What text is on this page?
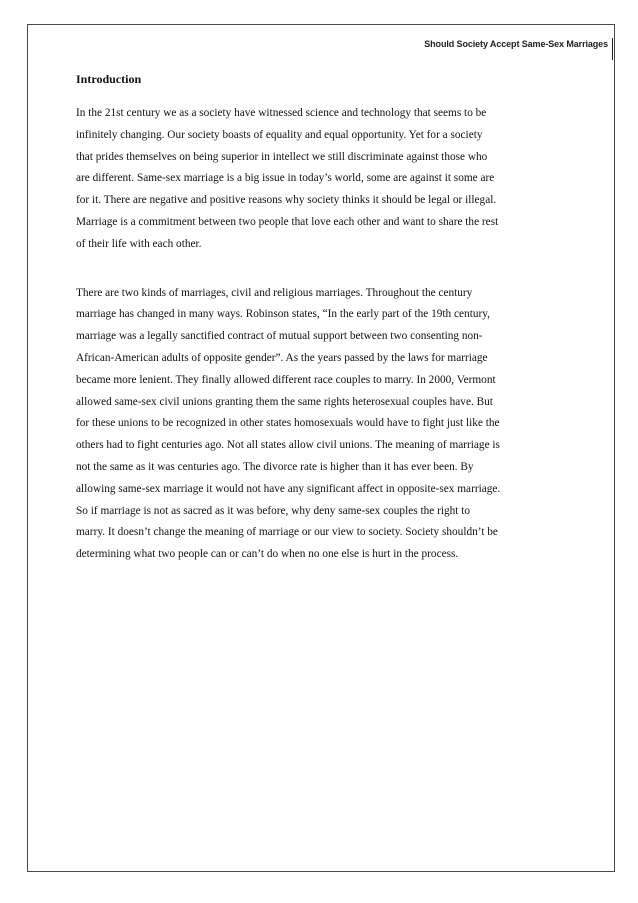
Should Society Accept Same-Sex Marriages
Introduction

In the 21st century we as a society have witnessed science and technology that seems to be
infinitely changing. Our society boasts of equality and equal opportunity. Yet for a society
that prides themselves on being superior in intellect we still discriminate against those who
are different. Same-sex marriage is a big issue in today’s world, some are against it some are
for it. There are negative and positive reasons why society thinks it should be legal or illegal.
Marriage is a commitment between two people that love each other and want to share the rest
of their life with each other.

There are two kinds of marriages, civil and religious marriages. Throughout the century
marriage has changed in many ways. Robinson states, “In the early part of the 19th century,
marriage was a legally sanctified contract of mutual support between two consenting non-
African-American adults of opposite gender”. As the years passed by the laws for marriage
became more lenient. They finally allowed different race couples to marry. In 2000, Vermont
allowed same-sex civil unions granting them the same rights heterosexual couples have. But
for these unions to be recognized in other states homosexuals would have to fight just like the
others had to fight centuries ago. Not all states allow civil unions. The meaning of marriage is
not the same as it was centuries ago. The divorce rate is higher than it has ever been. By
allowing same-sex marriage it would not have any significant affect in opposite-sex marriage.
So if marriage is not as sacred as it was before, why deny same-sex couples the right to
marry. It doesn’t change the meaning of marriage or our view to society. Society shouldn’t be
determining what two people can or can’t do when no one else is hurt in the process.
